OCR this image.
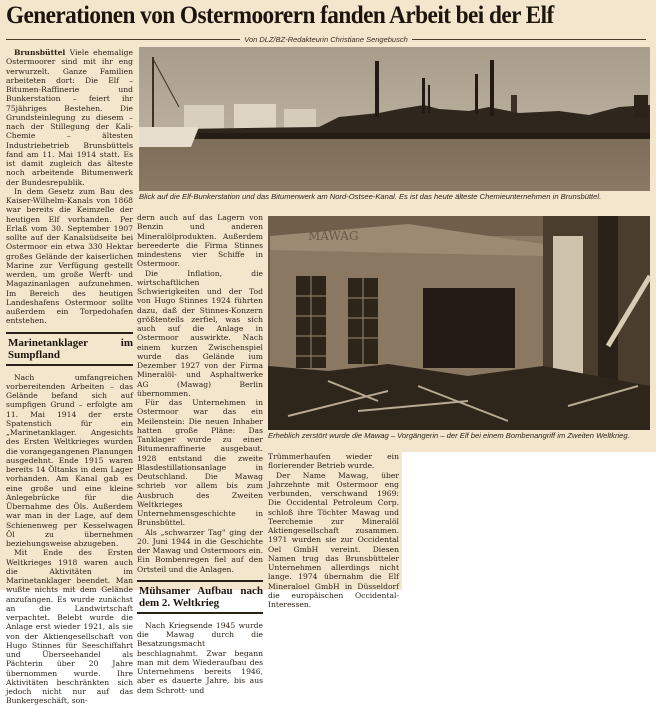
Generationen von Ostermoorern fanden Arbeit bei der Elf
Von DLZ/BZ-Redakteurin Christiane Sengebusch

Brunsbüttel Viele ehemalige Ostermoorer sind mit ihr eng verwurzelt. Ganze Familien arbeiteten dort: Die Elf – Bitumen-Raffinerie und Bunkerstation – feiert ihr 75jähriges Bestehen. Die Grundsteinlegung zu diesem – nach der Stillegung der Kali-Chemie – ältesten Industriebetrieb Brunsbüttels fand am 11. Mai 1914 statt. Es ist damit zugleich das älteste noch arbeitende Bitumenwerk der Bundesrepublik.

In dem Gesetz zum Bau des Kaiser-Wilhelm-Kanals von 1868 war bereits die Keimzelle der heutigen Elf vorhanden. Per Erlaß vom 30. September 1907 sollte auf der Kanalsüdseite bei Ostermoor ein etwa 330 Hektar großes Gelände der kaiserlichen Marine zur Verfügung gestellt werden, um große Werft- und Magazinanlagen aufzunehmen. Im Bereich des heutigen Landeshafens Ostermoor sollte außerdem ein Torpedohafen entstehen.

Marinetanklager im Sumpfland

Nach umfangreichen vorbereitenden Arbeiten – das Gelände befand sich auf sumpfigen Grund – erfolgte am 11. Mai 1914 der erste Spatenstich für ein „Marinetanklager. Angesichts des Ersten Weltkrieges wurden die vorangegangenen Planungen ausgedehnt. Ende 1915 waren bereits 14 Öltanks in dem Lager vorhanden. Am Kanal gab es eine große und eine kleine Anlegebrücke für die Übernahme des Öls. Außerdem war man in der Lage, auf dem Schienenweg per Kesselwagen Öl zu übernehmen beziehungsweise abzugeben.

Mit Ende des Ersten Weltkrieges 1918 waren auch die Aktivitäten im Marinetanklager beendet. Man wußte nichts mit dem Gelände anzufangen. Es wurde zunächst an die Landwirtschaft verpachtet. Belebt wurde die Anlage erst wieder 1921, als sie von der Aktiengesellschaft von Hugo Stinnes für Seeschiffahrt und Überseehandel als Pächterin über 20 Jahre übernommen wurde. Ihre Aktivitäten beschränkten sich jedoch nicht nur auf das Bunkergeschäft, son-

Blick auf die Elf-Bunkerstation und das Bitumenwerk am Nord-Ostsee-Kanal. Es ist das heute älteste Chemieunternehmen in Brunsbüttel.

dern auch auf das Lagern von Benzin und anderen Mineralölprodukten. Außerdem bereederte die Firma Stinnes mindestens vier Schiffe in Ostermoor.

Die Inflation, die wirtschaftlichen Schwierigkeiten und der Tod von Hugo Stinnes 1924 führten dazu, daß der Stinnes-Konzern größtenteils zerfiel, was sich auch auf die Anlage in Ostermoor auswirkte. Nach einem kurzen Zwischenspiel wurde das Gelände ium Dezember 1927 von der Firma Mineralöl- und Asphaltwerke AG (Mawag) Berlin übernommen.

Für das Unternehmen in Ostermoor war das ein Meilenstein: Die neuen Inhaber hatten große Pläne: Das Tanklager wurde zu einer Bitumenraffinerie ausgebaut. 1928 entstand die zweite Blasdestillationsanlage in Deutschland. Die Mawag schrieb vor allem bis zum Ausbruch des Zweiten Weltkrieges Unternehmensgeschichte in Brunsbüttel.

Als „schwarzer Tag" ging der 20. Juni 1944 in die Geschichte der Mawag und Ostermoors ein. Ein Bombenregen fiel auf den Ortsteil und die Anlagen.

Mühsamer Aufbau nach dem 2. Weltkrieg

Nach Kriegsende 1945 wurde die Mawag durch die Besatzungsmacht beschlagnahmt. Zwar begann man mit dem Wiederaufbau des Unternehmens bereits 1946, aber es dauerte Jahre, bis aus dem Schrott- und

MAWAG
Erheblich zerstört wurde die Mawag – Vorgängerin – der Elf bei einem Bombenangriff im Zweiten Weltkrieg.

Trümmerhaufen wieder ein florierender Betrieb wurde.

Der Name Mawag, über Jahrzehnte mit Ostermoor eng verbunden, verschwand 1969: Die Occidental Petroleum Corp. schloß ihre Töchter Mawag und Teerchemie zur Mineralöl Aktiengesellschaft zusammen. 1971 wurden sie zur Occidental Oel GmbH vereint. Diesen Namen trug das Brunsbütteler Unternehmen allerdings nicht lange. 1974 übernahm die Elf Mineraloel GmbH in Düsseldorf die europäischen Occidental-Interessen.
